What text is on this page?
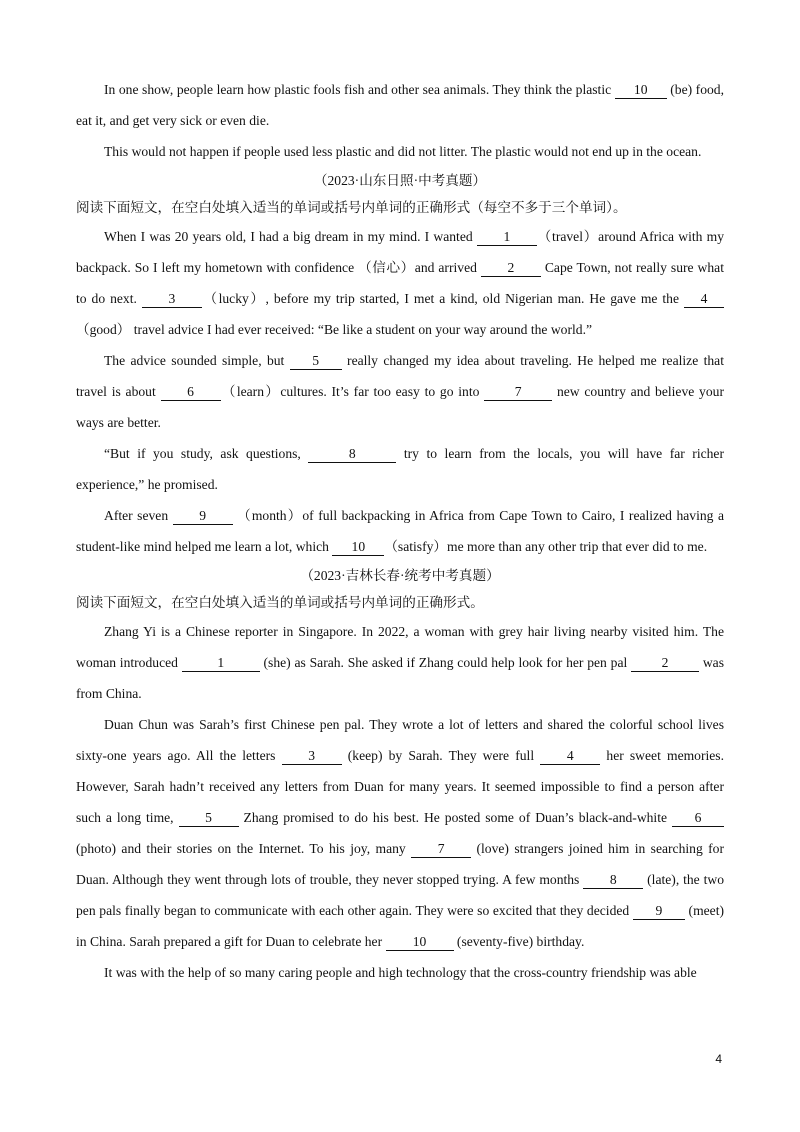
In one show, people learn how plastic fools fish and other sea animals. They think the plastic 10 (be) food, eat it, and get very sick or even die.

This would not happen if people used less plastic and did not litter. The plastic would not end up in the ocean.

（2023·山东日照·中考真题）

阅读下面短文，在空白处填入适当的单词或括号内单词的正确形式（每空不多于三个单词）。

When I was 20 years old, I had a big dream in my mind. I wanted 1 （travel）around Africa with my backpack. So I left my hometown with confidence （信心）and arrived 2 Cape Town, not really sure what to do next. 3 （lucky）, before my trip started, I met a kind, old Nigerian man. He gave me the 4（good） travel advice I had ever received: “Be like a student on your way around the world.”

The advice sounded simple, but 5 really changed my idea about traveling. He helped me realize that travel is about 6 （learn）cultures. It’s far too easy to go into 7 new country and believe your ways are better.

“But if you study, ask questions,	8	try to learn from the locals, you will have far richer experience,” he promised.

After seven 9 （month）of full backpacking in Africa from Cape Town to Cairo, I realized having a student-like mind helped me learn a lot, which 10 （satisfy）me more than any other trip that ever did to me.

（2023·吉林长春·统考中考真题）

阅读下面短文，在空白处填入适当的单词或括号内单词的正确形式。

Zhang Yi is a Chinese reporter in Singapore. In 2022, a woman with grey hair living nearby visited him. The woman introduced	1	(she) as Sarah. She asked if Zhang could help look for her pen pal 2 was from China.

Duan Chun was Sarah’s first Chinese pen pal. They wrote a lot of letters and shared the colorful school lives sixty-one years ago. All the letters 3 (keep) by Sarah. They were full 4 her sweet memories. However, Sarah hadn’t received any letters from Duan for many years. It seemed impossible to find a person after such a long time, 5 Zhang promised to do his best. He posted some of Duan’s black-and-white 6 (photo) and their stories on the Internet. To his joy, many 7 (love) strangers joined him in searching for Duan. Although they went through lots of trouble, they never stopped trying. A few months 8 (late), the two pen pals finally began to communicate with each other again. They were so excited that they decided 9 (meet) in China. Sarah prepared a gift for Duan to celebrate her 10 (seventy-five) birthday.

It was with the help of so many caring people and high technology that the cross-country friendship was able

4
